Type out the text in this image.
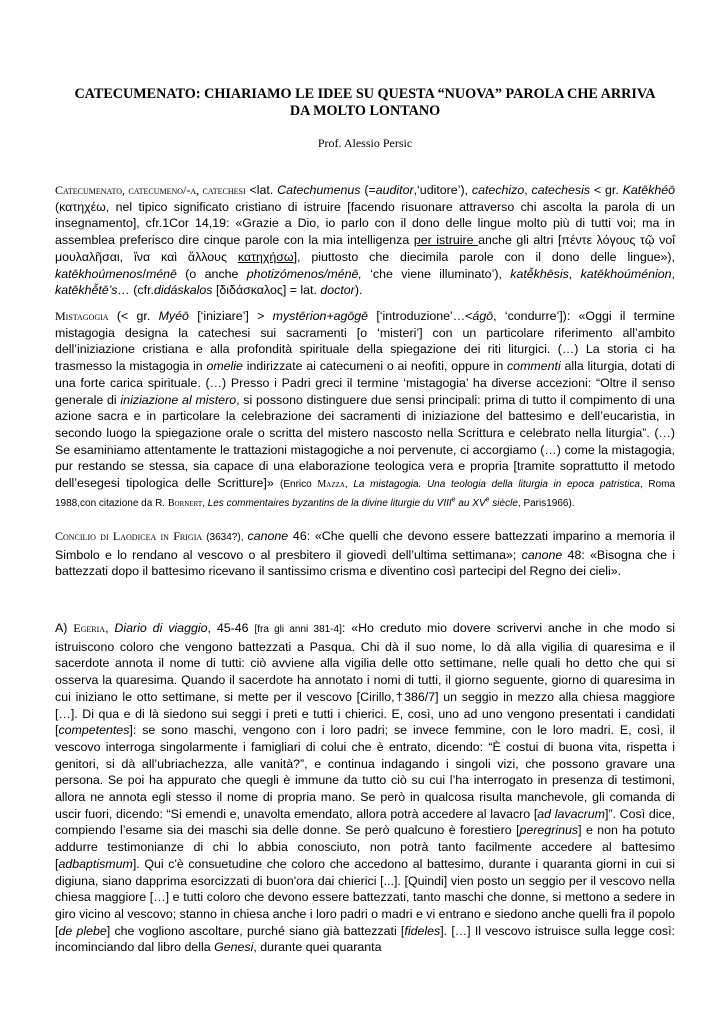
CATECUMENATO: CHIARIAMO LE IDEE SU QUESTA “NUOVA” PAROLA CHE ARRIVA
DA MOLTO LONTANO
Prof. Alessio Persic
Catecumenato, catecumeno/-a, catechesi <lat. Catechumenus (=auditor,‘uditore’), catechizo, catechesis < gr. Katēkhéō (κατηχέω, nel tipico significato cristiano di istruire [facendo risuonare attraverso chi ascolta la parola di un insegnamento], cfr.1Cor 14,19: «Grazie a Dio, io parlo con il dono delle lingue molto più di tutti voi; ma in assemblea preferisco dire cinque parole con la mia intelligenza per istruire anche gli altri [πέντε λόγους τῷ νοΐ μουλαλῆσαι, ἵνα καὶ ἄλλους κατηχήσω], piuttosto che diecimila parole con il dono delle lingue»), katēkhoúmenos/ménē (o anche photizómenos/ménē, ‘che viene illuminato’), katē̆khēsis, katēkhoúménion, katēkhē̆tē’s… (cfr.didáskalos [διδάσκαλος] = lat. doctor).
Mistagogia (< gr. Myéō [‘iniziare’] > mystērion+agōgē [‘introduzione’…<ágō, ‘condurre’]): «Oggi il termine mistagogia designa la catechesi sui sacramenti [o ‘misteri’] con un particolare riferimento all’ambito dell’iniziazione cristiana e alla profondità spirituale della spiegazione dei riti liturgici. (…) La storia ci ha trasmesso la mistagogia in omelie indirizzate ai catecumeni o ai neofiti, oppure in commenti alla liturgia, dotati di una forte carica spirituale. (…) Presso i Padri greci il termine ‘mistagogia’ ha diverse accezioni: “Oltre il senso generale di iniziazione al mistero, si possono distinguere due sensi principali: prima di tutto il compimento di una azione sacra e in particolare la celebrazione dei sacramenti di iniziazione del battesimo e dell’eucaristia, in secondo luogo la spiegazione orale o scritta del mistero nascosto nella Scrittura e celebrato nella liturgia”. (…) Se esaminiamo attentamente le trattazioni mistagogiche a noi pervenute, ci accorgiamo (…) come la mistagogia, pur restando se stessa, sia capace di una elaborazione teologica vera e propria [tramite soprattutto il metodo dell’esegesi tipologica delle Scritture]» (Enrico Mazza, La mistagogia. Una teologia della liturgia in epoca patristica, Roma 1988,con citazione da R. Bornert, Les commentaires byzantins de la divine liturgie du VIIIe au XVe siècle, Paris1966).
Concilio di Laodicea in Frigia (3634?), canone 46: «Che quelli che devono essere battezzati imparino a memoria il Simbolo e lo rendano al vescovo o al presbitero il giovedì dell’ultima settimana»; canone 48: «Bisogna che i battezzati dopo il battesimo ricevano il santissimo crisma e diventino così partecipi del Regno dei cieli».
A) Egeria, Diario di viaggio, 45-46 [fra gli anni 381-4]: «Ho creduto mio dovere scrivervi anche in che modo si istruiscono coloro che vengono battezzati a Pasqua. Chi dà il suo nome, lo dà alla vigilia di quaresima e il sacerdote annota il nome di tutti: ciò avviene alla vigilia delle otto settimane, nelle quali ho detto che qui si osserva la quaresima. Quando il sacerdote ha annotato i nomi di tutti, il giorno seguente, giorno di quaresima in cui iniziano le otto settimane, si mette per il vescovo [Cirillo,†386/7] un seggio in mezzo alla chiesa maggiore […]. Di qua e di là siedono sui seggi i preti e tutti i chierici. E, così, uno ad uno vengono presentati i candidati [competentes]: se sono maschi, vengono con i loro padri; se invece femmine, con le loro madri. E, così, il vescovo interroga singolarmente i famigliari di colui che è entrato, dicendo: “È costui di buona vita, rispetta i genitori, si dà all’ubriachezza, alle vanità?”, e continua indagando i singoli vizi, che possono gravare una persona. Se poi ha appurato che quegli è immune da tutto ciò su cui l’ha interrogato in presenza di testimoni, allora ne annota egli stesso il nome di propria mano. Se però in qualcosa risulta manchevole, gli comanda di uscir fuori, dicendo: “Si emendi e, unavolta emendato, allora potrà accedere al lavacro [ad lavacrum]”. Così dice, compiendo l’esame sia dei maschi sia delle donne. Se però qualcuno è forestiero [peregrinus] e non ha potuto addurre testimonianze di chi lo abbia conosciuto, non potrà tanto facilmente accedere al battesimo [adbaptismum]. Qui c'è consuetudine che coloro che accedono al battesimo, durante i quaranta giorni in cui si digiuna, siano dapprima esorcizzati di buon'ora dai chierici [...]. [Quindi] vien posto un seggio per il vescovo nella chiesa maggiore […] e tutti coloro che devono essere battezzati, tanto maschi che donne, si mettono a sedere in giro vicino al vescovo; stanno in chiesa anche i loro padri o madri e vi entrano e siedono anche quelli fra il popolo [de plebe] che vogliono ascoltare, purché siano già battezzati [fideles]. […] Il vescovo istruisce sulla legge così: incominciando dal libro della Genesi, durante quei quaranta
